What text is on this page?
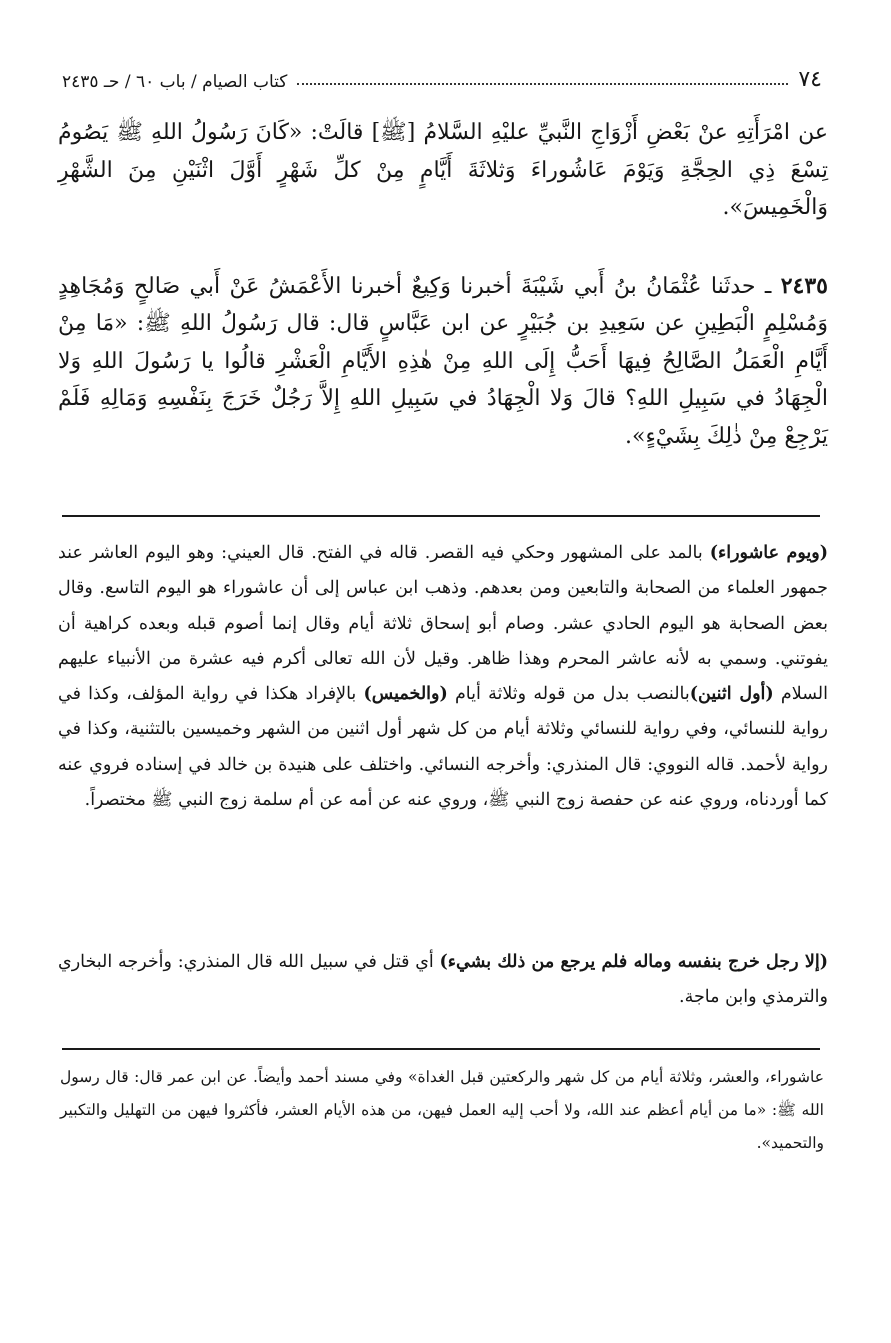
٧٤
كتاب الصيام / باب ٦٠ / حـ ٢٤٣٥
عن امْرَأَتِهِ عنْ بَعْضِ أَزْوَاجِ النَّبيِّ عليْهِ السَّلامُ [ﷺ] قالَتْ: «كَانَ رَسُولُ اللهِ ﷺ يَصُومُ تِسْعَ ذِي الحِجَّةِ وَيَوْمَ عَاشُوراءَ وَثلاثَةَ أَيَّامٍ مِنْ كلِّ شَهْرٍ أَوَّلَ اثْنَيْنِ مِنَ الشَّهْرِ وَالْخَمِيسَ».
٢٤٣٥ ـ حدثَنا عُثْمَانُ بنُ أَبي شَيْبَةَ أخبرنا وَكِيعٌ أخبرنا الأَعْمَشُ عَنْ أَبي صَالحٍ وَمُجَاهِدٍ وَمُسْلِمٍ الْبَطِينِ عن سَعِيدِ بن جُبَيْرٍ عن ابن عَبَّاسٍ قال: قال رَسُولُ اللهِ ﷺ: «مَا مِنْ أَيَّامِ الْعَمَلُ الصَّالِحُ فِيهَا أَحَبُّ إِلَى اللهِ مِنْ هٰذِهِ الأَيَّامِ الْعَشْرِ قالُوا يا رَسُولَ اللهِ وَلا الْجِهَادُ في سَبِيلِ اللهِ؟ قالَ وَلا الْجِهَادُ في سَبِيلِ اللهِ إِلاَّ رَجُلٌ خَرَجَ بِنَفْسِهِ وَمَالِهِ فَلَمْ يَرْجِعْ مِنْ ذٰلِكَ بِشَيْءٍ».
(ويوم عاشوراء) بالمد على المشهور وحكي فيه القصر. قاله في الفتح. قال العيني: وهو اليوم العاشر عند جمهور العلماء من الصحابة والتابعين ومن بعدهم. وذهب ابن عباس إلى أن عاشوراء هو اليوم التاسع. وقال بعض الصحابة هو اليوم الحادي عشر. وصام أبو إسحاق ثلاثة أيام وقال إنما أصوم قبله وبعده كراهية أن يفوتني. وسمي به لأنه عاشر المحرم وهذا ظاهر. وقيل لأن الله تعالى أكرم فيه عشرة من الأنبياء عليهم السلام (أول اثنين)بالنصب بدل من قوله وثلاثة أيام (والخميس) بالإفراد هكذا في رواية المؤلف، وكذا في رواية للنسائي، وفي رواية للنسائي وثلاثة أيام من كل شهر أول اثنين من الشهر وخميسين بالتثنية، وكذا في رواية لأحمد. قاله النووي: قال المنذري: وأخرجه النسائي. واختلف على هنيدة بن خالد في إسناده فروي عنه كما أوردناه، وروي عنه عن حفصة زوج النبي ﷺ، وروي عنه عن أمه عن أم سلمة زوج النبي ﷺ مختصراً.
(إلا رجل خرج بنفسه وماله فلم يرجع من ذلك بشيء) أي قتل في سبيل الله قال المنذري: وأخرجه البخاري والترمذي وابن ماجة.
عاشوراء، والعشر، وثلاثة أيام من كل شهر والركعتين قبل الغداة» وفي مسند أحمد وأيضاً. عن ابن عمر قال: قال رسول الله ﷺ: «ما من أيام أعظم عند الله، ولا أحب إليه العمل فيهن، من هذه الأيام العشر، فأكثروا فيهن من التهليل والتكبير والتحميد».
